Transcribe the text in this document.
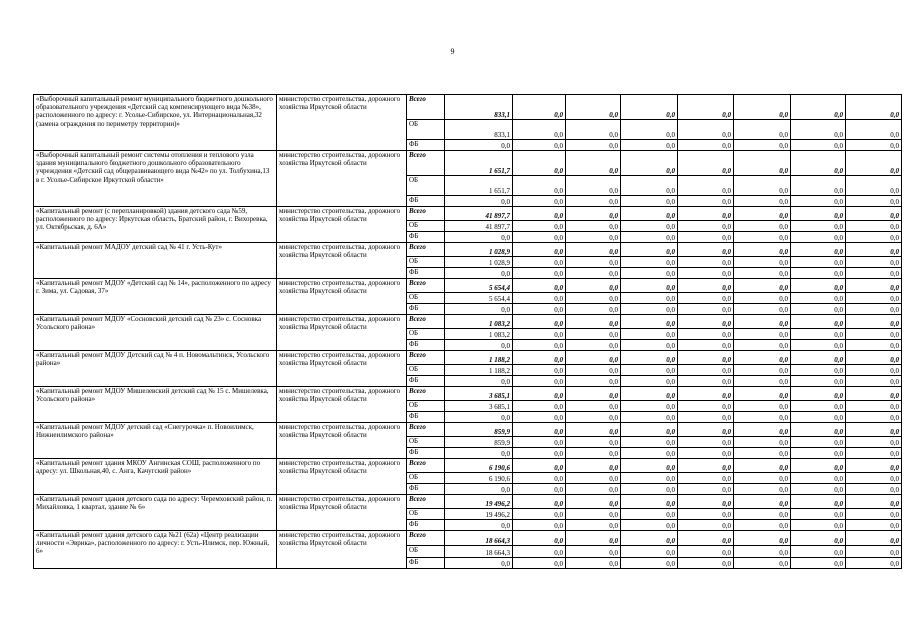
9
«Выборочный капитальный ремонт муниципального бюджетного дошкольного образовательного учреждения «Детский сад компенсирующего вида №38», расположенного по адресу: г. Усолье-Сибирское, ул. Интернациональная,32 (замена ограждения по периметру территории)»	министерство строительства, дорожного хозяйства Иркутской области	Всего	833,1	0,0	0,0	0,0	0,0	0,0	0,0	0,0
		ОБ	833,1	0,0	0,0	0,0	0,0	0,0	0,0	0,0
		ФБ	0,0	0,0	0,0	0,0	0,0	0,0	0,0	0,0
«Выборочный капитальный ремонт системы отопления и теплового узла здания муниципального бюджетного дошкольного образовательного учреждения «Детский сад общеразвивающего вида №42» по ул. Толбухина,13 в г. Усолье-Сибирское Иркутской области»	министерство строительства, дорожного хозяйства Иркутской области	Всего	1 651,7	0,0	0,0	0,0	0,0	0,0	0,0	0,0
		ОБ	1 651,7	0,0	0,0	0,0	0,0	0,0	0,0	0,0
		ФБ	0,0	0,0	0,0	0,0	0,0	0,0	0,0	0,0
«Капитальный ремонт (с перепланировкой) здания детского сада №59, расположенного по адресу: Иркутская область, Братский район, г. Вихоревка, ул. Октябрьская, д. 6А»	министерство строительства, дорожного хозяйства Иркутской области	Всего	41 897,7	0,0	0,0	0,0	0,0	0,0	0,0	0,0
		ОБ	41 897,7	0,0	0,0	0,0	0,0	0,0	0,0	0,0
		ФБ	0,0	0,0	0,0	0,0	0,0	0,0	0,0	0,0
«Капитальный ремонт МАДОУ детский сад № 41 г. Усть-Кут»	министерство строительства, дорожного хозяйства Иркутской области	Всего	1 028,9	0,0	0,0	0,0	0,0	0,0	0,0	0,0
		ОБ	1 028,9	0,0	0,0	0,0	0,0	0,0	0,0	0,0
		ФБ	0,0	0,0	0,0	0,0	0,0	0,0	0,0	0,0
«Капитальный ремонт МДОУ «Детский сад № 14», расположенного по адресу г. Зима, ул. Садовая, 37»	министерство строительства, дорожного хозяйства Иркутской области	Всего	5 654,4	0,0	0,0	0,0	0,0	0,0	0,0	0,0
		ОБ	5 654,4	0,0	0,0	0,0	0,0	0,0	0,0	0,0
		ФБ	0,0	0,0	0,0	0,0	0,0	0,0	0,0	0,0
«Капитальный ремонт МДОУ «Сосновский детский сад № 23» с. Сосновка Усольского района»	министерство строительства, дорожного хозяйства Иркутской области	Всего	1 083,2	0,0	0,0	0,0	0,0	0,0	0,0	0,0
		ОБ	1 083,2	0,0	0,0	0,0	0,0	0,0	0,0	0,0
		ФБ	0,0	0,0	0,0	0,0	0,0	0,0	0,0	0,0
«Капитальный ремонт МДОУ Детский сад № 4 п. Новомальтинск, Усольского района»	министерство строительства, дорожного хозяйства Иркутской области	Всего	1 188,2	0,0	0,0	0,0	0,0	0,0	0,0	0,0
		ОБ	1 188,2	0,0	0,0	0,0	0,0	0,0	0,0	0,0
		ФБ	0,0	0,0	0,0	0,0	0,0	0,0	0,0	0,0
«Капитальный ремонт МДОУ Мишелевский детский сад № 15 с. Мишелевка, Усольского района»	министерство строительства, дорожного хозяйства Иркутской области	Всего	3 685,1	0,0	0,0	0,0	0,0	0,0	0,0	0,0
		ОБ	3 685,1	0,0	0,0	0,0	0,0	0,0	0,0	0,0
		ФБ	0,0	0,0	0,0	0,0	0,0	0,0	0,0	0,0
«Капитальный ремонт МДОУ детский сад «Снегурочка» п. Новоилимск, Нижнеилимского района»	министерство строительства, дорожного хозяйства Иркутской области	Всего	859,9	0,0	0,0	0,0	0,0	0,0	0,0	0,0
		ОБ	859,9	0,0	0,0	0,0	0,0	0,0	0,0	0,0
		ФБ	0,0	0,0	0,0	0,0	0,0	0,0	0,0	0,0
«Капитальный ремонт здания МКОУ Ангинская СОШ, расположенного по адресу: ул. Школьная,40, с. Анга, Качугский район»	министерство строительства, дорожного хозяйства Иркутской области	Всего	6 190,6	0,0	0,0	0,0	0,0	0,0	0,0	0,0
		ОБ	6 190,6	0,0	0,0	0,0	0,0	0,0	0,0	0,0
		ФБ	0,0	0,0	0,0	0,0	0,0	0,0	0,0	0,0
«Капитальный ремонт здания детского сада по адресу: Черемховский район, п. Михайловка, 1 квартал, здание № 6»	министерство строительства, дорожного хозяйства Иркутской области	Всего	19 496,2	0,0	0,0	0,0	0,0	0,0	0,0	0,0
		ОБ	19 496,2	0,0	0,0	0,0	0,0	0,0	0,0	0,0
		ФБ	0,0	0,0	0,0	0,0	0,0	0,0	0,0	0,0
«Капитальный ремонт здания детского сада №21 (62а) «Центр реализации личности «Эврика», расположенного по адресу: г. Усть-Илимск, пер. Южный, 6»	министерство строительства, дорожного хозяйства Иркутской области	Всего	18 664,3	0,0	0,0	0,0	0,0	0,0	0,0	0,0
		ОБ	18 664,3	0,0	0,0	0,0	0,0	0,0	0,0	0,0
		ФБ	0,0	0,0	0,0	0,0	0,0	0,0	0,0	0,0
